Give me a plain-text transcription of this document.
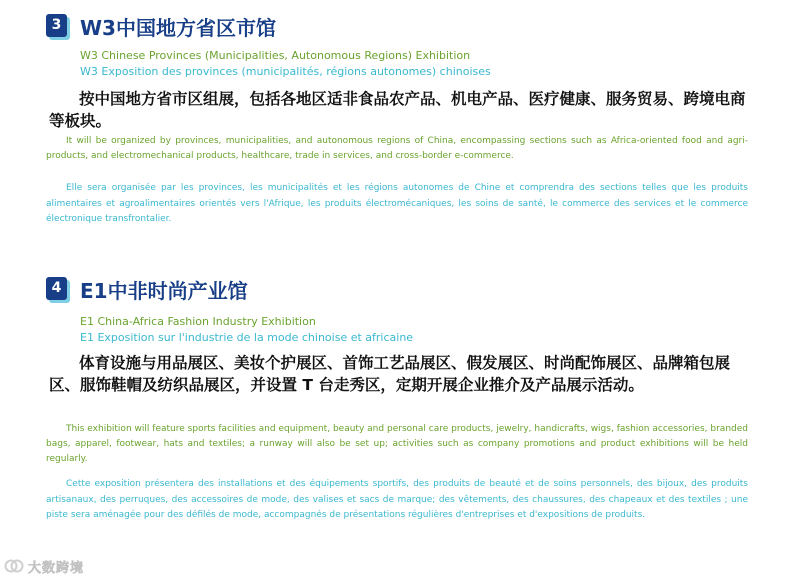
3 W3中国地方省区市馆

W3 Chinese Provinces (Municipalities, Autonomous Regions) Exhibition

W3 Exposition des provinces (municipalités, régions autonomes) chinoises

按中国地方省市区组展，包括各地区适非食品农产品、机电产品、医疗健康、服务贸易、跨境电商等板块。

It will be organized by provinces, municipalities, and autonomous regions of China, encompassing sections such as Africa-oriented food and agri-products, and electromechanical products, healthcare, trade in services, and cross-border e-commerce.

Elle sera organisée par les provinces, les municipalités et les régions autonomes de Chine et comprendra des sections telles que les produits alimentaires et agroalimentaires orientés vers l'Afrique, les produits électromécaniques, les soins de santé, le commerce des services et le commerce électronique transfrontalier.

4 E1中非时尚产业馆

E1 China-Africa Fashion Industry Exhibition

E1 Exposition sur l'industrie de la mode chinoise et africaine

体育设施与用品展区、美妆个护展区、首饰工艺品展区、假发展区、时尚配饰展区、品牌箱包展区、服饰鞋帽及纺织品展区，并设置 T 台走秀区，定期开展企业推介及产品展示活动。

This exhibition will feature sports facilities and equipment, beauty and personal care products, jewelry, handicrafts, wigs, fashion accessories, branded bags, apparel, footwear, hats and textiles; a runway will also be set up; activities such as company promotions and product exhibitions will be held regularly.

Cette exposition présentera des installations et des équipements sportifs, des produits de beauté et de soins personnels, des bijoux, des produits artisanaux, des perruques, des accessoires de mode, des valises et sacs de marque; des vêtements, des chaussures, des chapeaux et des textiles ; une piste sera aménagée pour des défilés de mode, accompagnés de présentations régulières d'entreprises et d'expositions de produits.

大数跨境
